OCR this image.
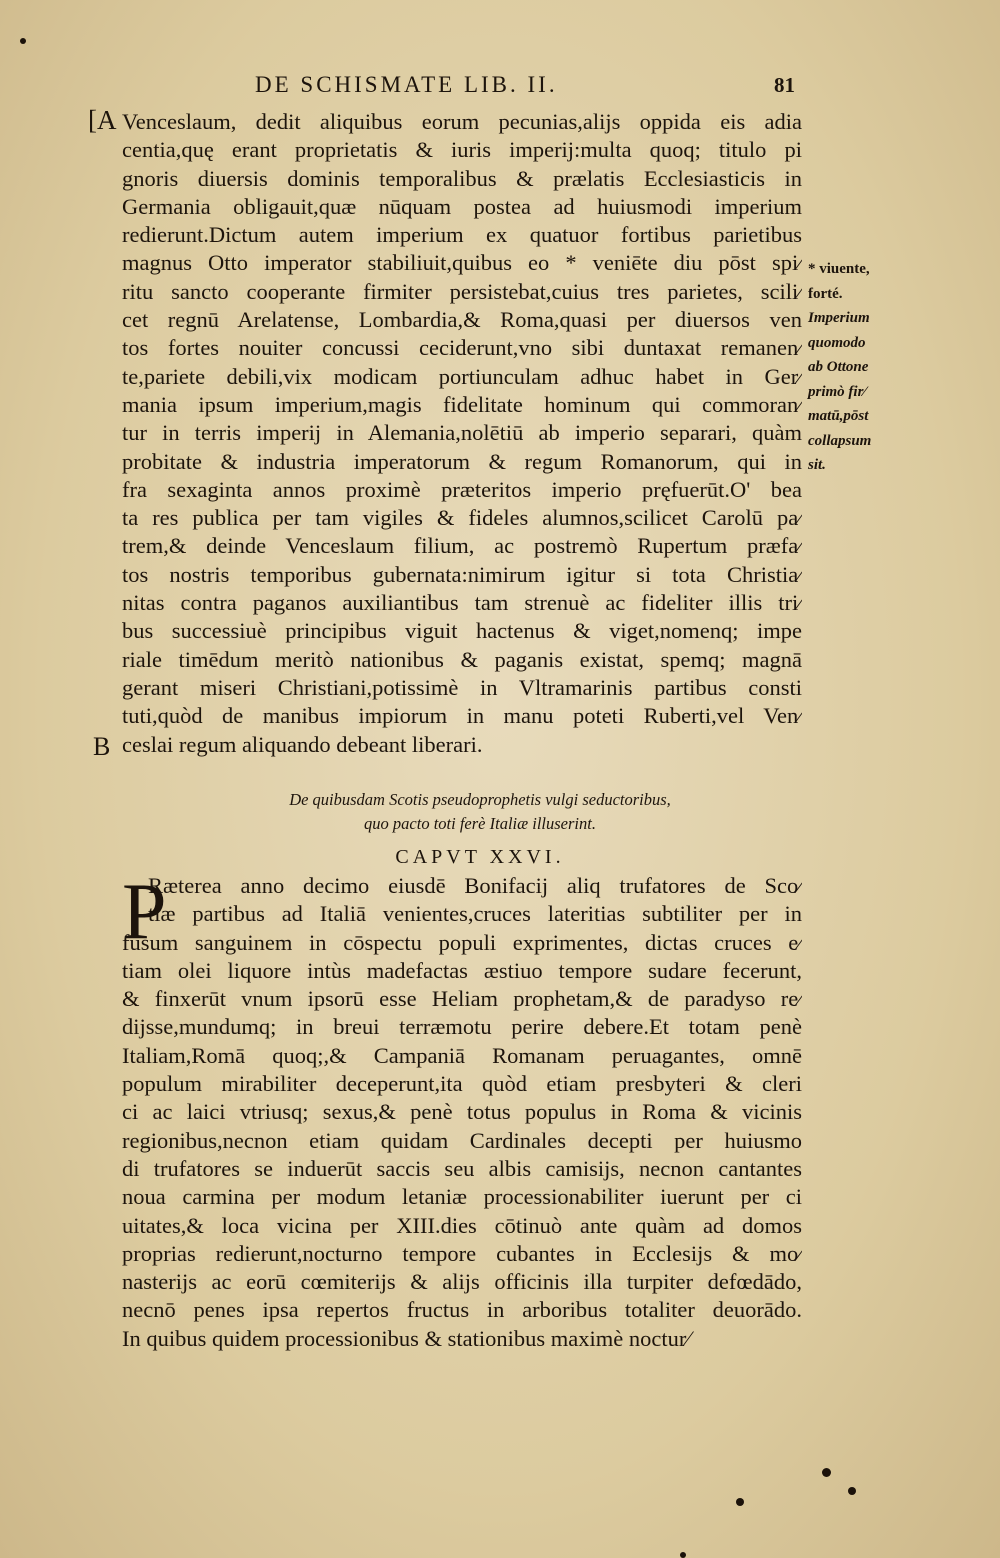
DE SCHISMATE LIB. II.	81
[A
B
Venceslaum, dedit aliquibus eorum pecunias,alijs oppida eis adia
centia,quę erant proprietatis & iuris imperij:multa quoq; titulo pi
gnoris diuersis dominis temporalibus & prælatis Ecclesiasticis in
Germania obligauit,quæ nūquam postea ad huiusmodi imperium
redierunt.Dictum autem imperium ex quatuor fortibus parietibus
magnus Otto imperator stabiliuit,quibus eo * veniēte diu pōst spi⁄
ritu sancto cooperante firmiter persistebat,cuius tres parietes, scili⁄
cet regnū Arelatense, Lombardia,& Roma,quasi per diuersos ven
tos fortes nouiter concussi ceciderunt,vno sibi duntaxat remanen⁄
te,pariete debili,vix modicam portiunculam adhuc habet in Ger⁄
mania ipsum imperium,magis fidelitate hominum qui commoran⁄
tur in terris imperij in Alemania,nolētiū ab imperio separari, quàm
probitate & industria imperatorum & regum Romanorum, qui in
fra sexaginta annos proximè præteritos imperio pręfuerūt.O' bea
ta res publica per tam vigiles & fideles alumnos,scilicet Carolū pa⁄
trem,& deinde Venceslaum filium, ac postremò Rupertum præfa⁄
tos nostris temporibus gubernata:nimirum igitur si tota Christia⁄
nitas contra paganos auxiliantibus tam strenuè ac fideliter illis tri⁄
bus successiuè principibus viguit hactenus & viget,nomenq; impe
riale timēdum meritò nationibus & paganis existat, spemq; magnā
gerant miseri Christiani,potissimè in Vltramarinis partibus consti
tuti,quòd de manibus impiorum in manu poteti Ruberti,vel Ven⁄
ceslai regum aliquando debeant liberari.
* viuente,
forté.
Imperium
quomodo
ab Ottone
primò fir⁄
matū,pōst
collapsum
sit.
De quibusdam Scotis pseudoprophetis vulgi seductoribus,
quo pacto toti ferè Italiæ illuserint.
CAPVT XXVI.
P
Ræterea anno decimo eiusdē Bonifacij aliq trufatores de Sco⁄
tiæ partibus ad Italiā venientes,cruces lateritias subtiliter per in
fusum sanguinem in cōspectu populi exprimentes, dictas cruces e⁄
tiam olei liquore intùs madefactas æstiuo tempore sudare fecerunt,
& finxerūt vnum ipsorū esse Heliam prophetam,& de paradyso re⁄
dijsse,mundumq; in breui terræmotu perire debere.Et totam penè
Italiam,Romā quoq;,& Campaniā Romanam peruagantes, omnē
populum mirabiliter deceperunt,ita quòd etiam presbyteri & cleri
ci ac laici vtriusq; sexus,& penè totus populus in Roma & vicinis
regionibus,necnon etiam quidam Cardinales decepti per huiusmo
di trufatores se induerūt saccis seu albis camisijs, necnon cantantes
noua carmina per modum letaniæ processionabiliter iuerunt per ci
uitates,& loca vicina per XIII.dies cōtinuò ante quàm ad domos
proprias redierunt,nocturno tempore cubantes in Ecclesijs & mo⁄
nasterijs ac eorū cœmiterijs & alijs officinis illa turpiter defœdādo,
necnō penes ipsa repertos fructus in arboribus totaliter deuorādo.
In quibus quidem processionibus & stationibus maximè noctur⁄
